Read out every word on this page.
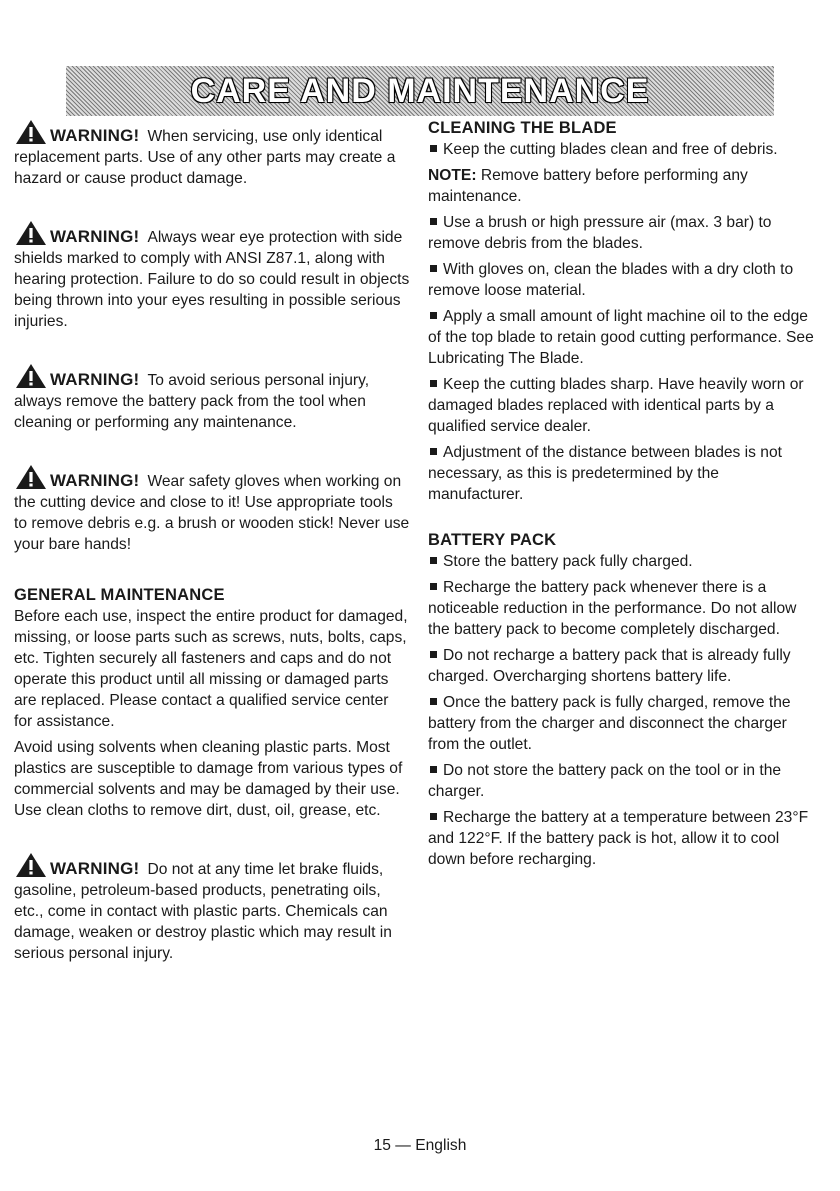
CARE AND MAINTENANCE

WARNING! When servicing, use only identical replacement parts. Use of any other parts may create a hazard or cause product damage.

WARNING! Always wear eye protection with side shields marked to comply with ANSI Z87.1, along with hearing protection. Failure to do so could result in objects being thrown into your eyes resulting in possible serious injuries.

WARNING! To avoid serious personal injury, always remove the battery pack from the tool when cleaning or performing any maintenance.

WARNING! Wear safety gloves when working on the cutting device and close to it! Use appropriate tools to remove debris e.g. a brush or wooden stick! Never use your bare hands!

GENERAL MAINTENANCE

Before each use, inspect the entire product for damaged, missing, or loose parts such as screws, nuts, bolts, caps, etc. Tighten securely all fasteners and caps and do not operate this product until all missing or damaged parts are replaced. Please contact a qualified service center for assistance.

Avoid using solvents when cleaning plastic parts. Most plastics are susceptible to damage from various types of commercial solvents and may be damaged by their use. Use clean cloths to remove dirt, dust, oil, grease, etc.

WARNING! Do not at any time let brake fluids, gasoline, petroleum-based products, penetrating oils, etc., come in contact with plastic parts. Chemicals can damage, weaken or destroy plastic which may result in serious personal injury.

CLEANING THE BLADE

Keep the cutting blades clean and free of debris.

NOTE: Remove battery before performing any maintenance.

Use a brush or high pressure air (max. 3 bar) to remove debris from the blades.

With gloves on, clean the blades with a dry cloth to remove loose material.

Apply a small amount of light machine oil to the edge of the top blade to retain good cutting performance. See Lubricating The Blade.

Keep the cutting blades sharp. Have heavily worn or damaged blades replaced with identical parts by a qualified service dealer.

Adjustment of the distance between blades is not necessary, as this is predetermined by the manufacturer.

BATTERY PACK

Store the battery pack fully charged.

Recharge the battery pack whenever there is a noticeable reduction in the performance. Do not allow the battery pack to become completely discharged.

Do not recharge a battery pack that is already fully charged. Overcharging shortens battery life.

Once the battery pack is fully charged, remove the battery from the charger and disconnect the charger from the outlet.

Do not store the battery pack on the tool or in the charger.

Recharge the battery at a temperature between 23°F and 122°F. If the battery pack is hot, allow it to cool down before recharging.

15 — English
